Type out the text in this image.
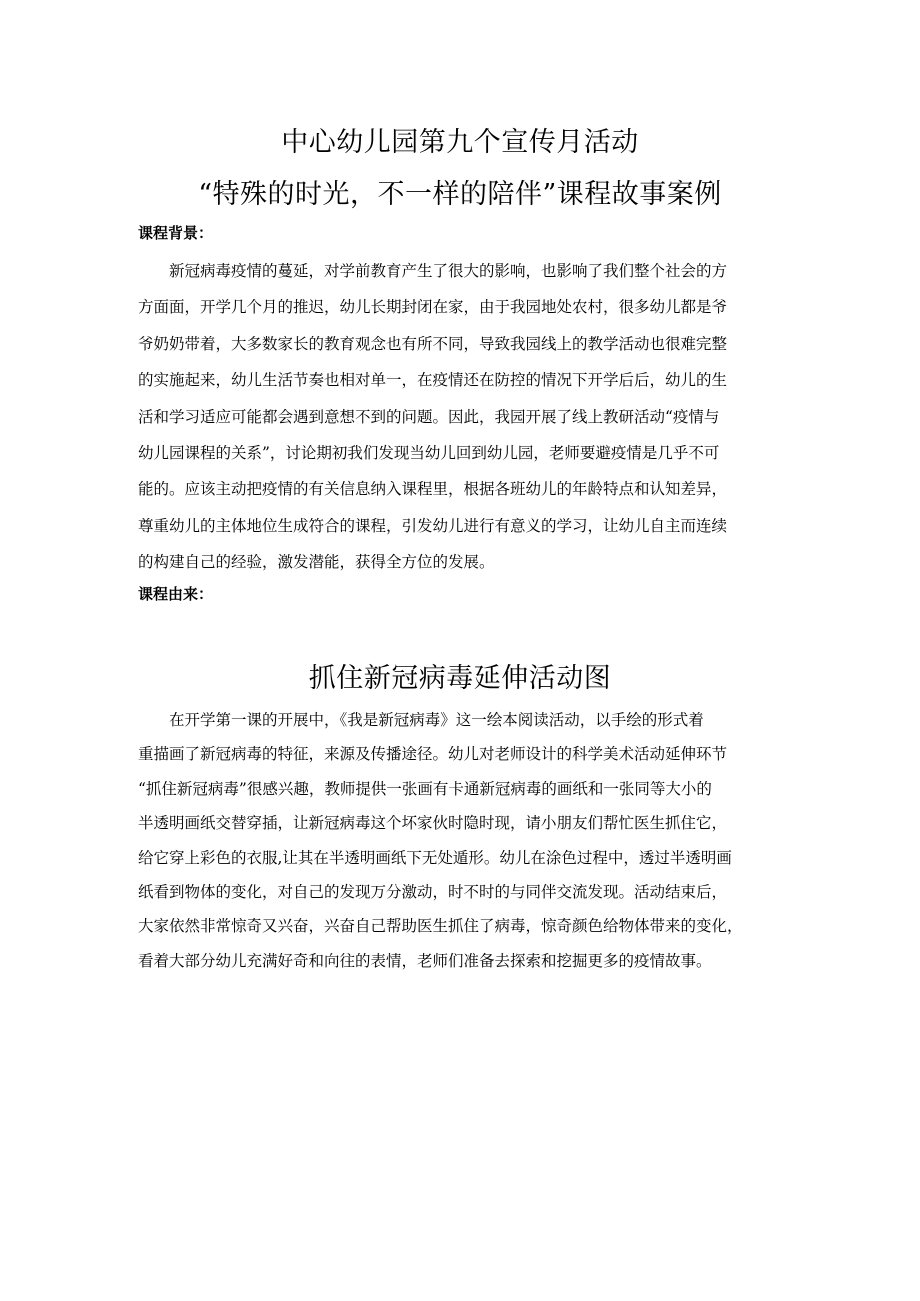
中心幼儿园第九个宣传月活动
“特殊的时光，不一样的陪伴”课程故事案例
课程背景：
　　新冠病毒疫情的蔓延，对学前教育产生了很大的影响，也影响了我们整个社会的方
方面面，开学几个月的推迟，幼儿长期封闭在家，由于我园地处农村，很多幼儿都是爷
爷奶奶带着，大多数家长的教育观念也有所不同，导致我园线上的教学活动也很难完整
的实施起来，幼儿生活节奏也相对单一，在疫情还在防控的情况下开学后后，幼儿的生
活和学习适应可能都会遇到意想不到的问题。因此，我园开展了线上教研活动“疫情与
幼儿园课程的关系”，讨论期初我们发现当幼儿回到幼儿园，老师要避疫情是几乎不可
能的。应该主动把疫情的有关信息纳入课程里，根据各班幼儿的年龄特点和认知差异，
尊重幼儿的主体地位生成符合的课程，引发幼儿进行有意义的学习，让幼儿自主而连续
的构建自己的经验，激发潜能，获得全方位的发展。
课程由来：
抓住新冠病毒延伸活动图
　　在开学第一课的开展中，《我是新冠病毒》这一绘本阅读活动，以手绘的形式着
重描画了新冠病毒的特征，来源及传播途径。幼儿对老师设计的科学美术活动延伸环节
“抓住新冠病毒”很感兴趣，教师提供一张画有卡通新冠病毒的画纸和一张同等大小的
半透明画纸交替穿插，让新冠病毒这个坏家伙时隐时现，请小朋友们帮忙医生抓住它，
给它穿上彩色的衣服,让其在半透明画纸下无处遁形。幼儿在涂色过程中，透过半透明画
纸看到物体的变化，对自己的发现万分激动，时不时的与同伴交流发现。活动结束后，
大家依然非常惊奇又兴奋，兴奋自己帮助医生抓住了病毒，惊奇颜色给物体带来的变化，
看着大部分幼儿充满好奇和向往的表情，老师们准备去探索和挖掘更多的疫情故事。
